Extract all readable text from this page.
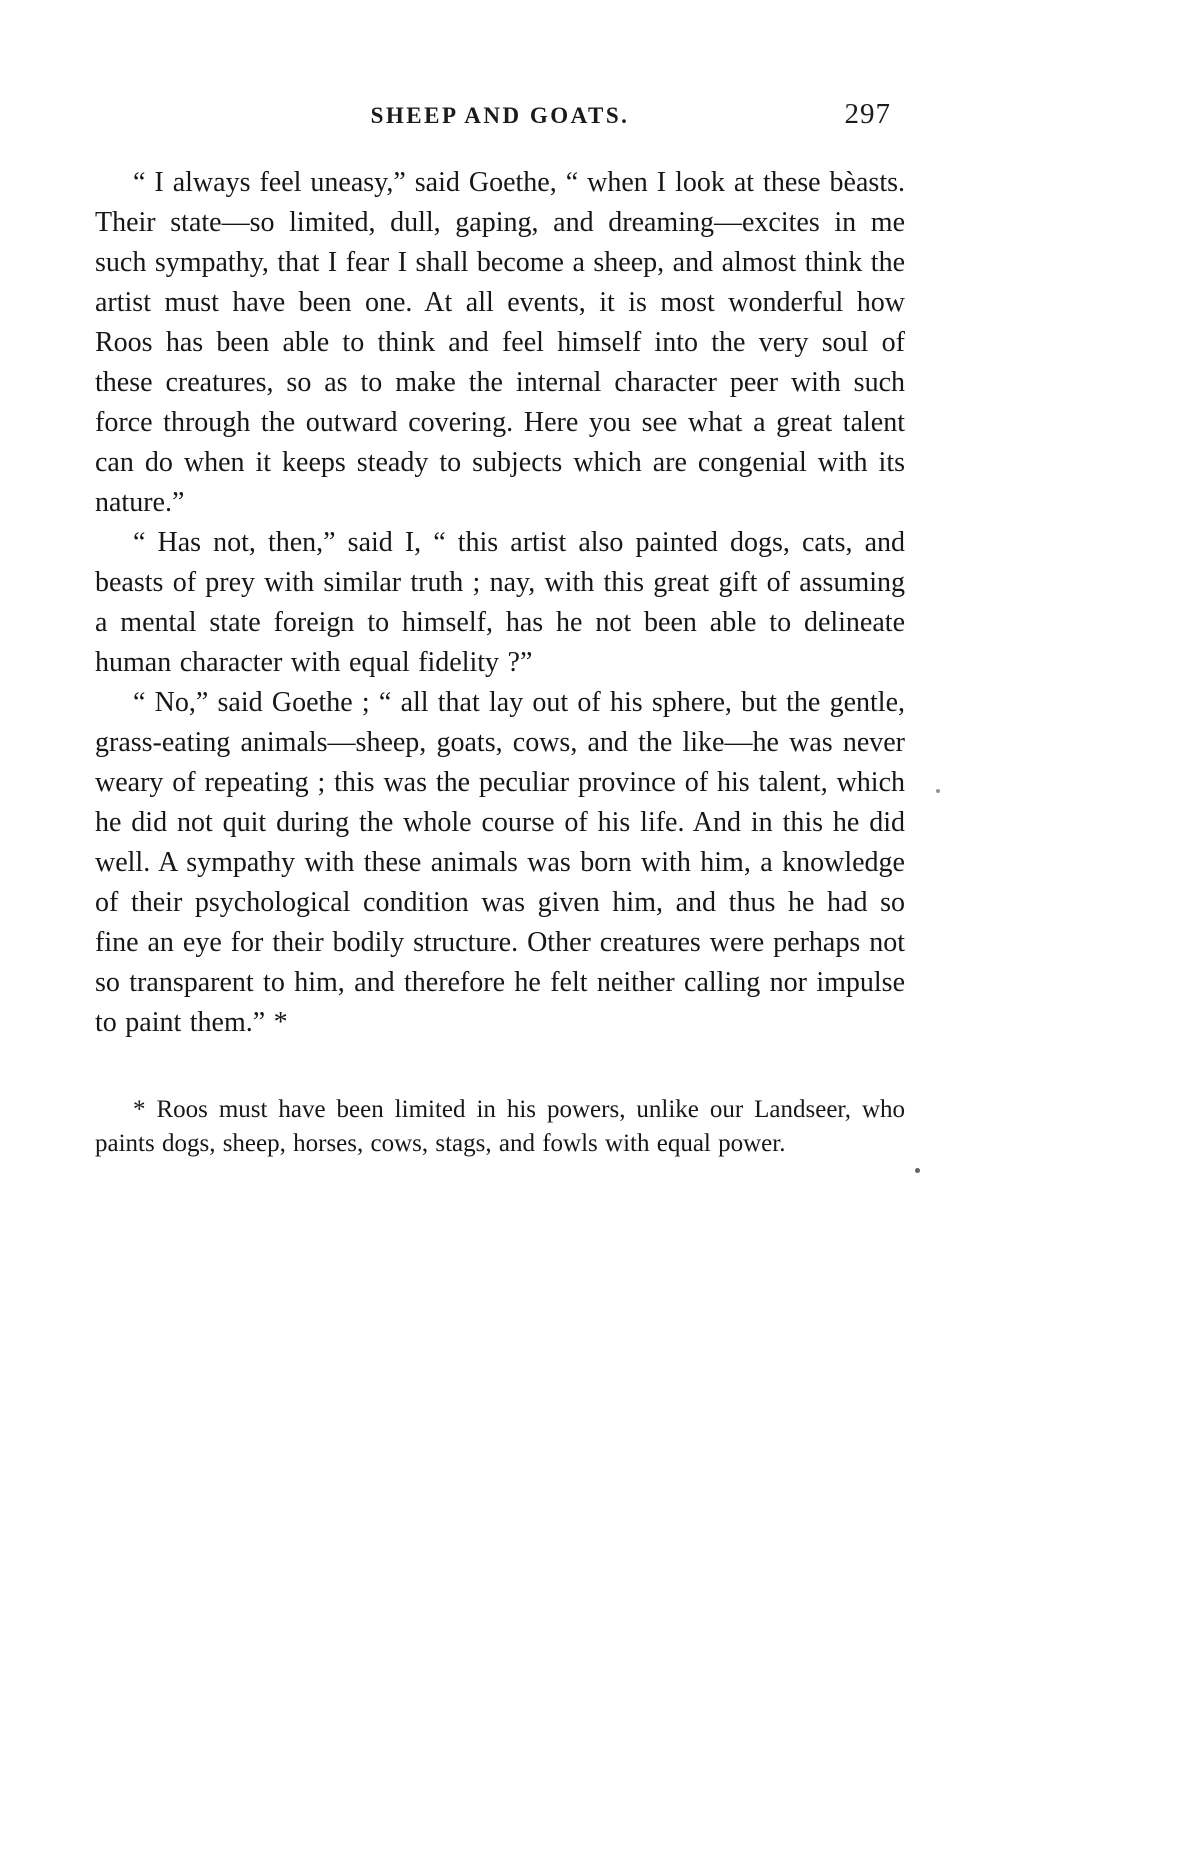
SHEEP AND GOATS.	297

“ I always feel uneasy,” said Goethe, “ when I look at these bèasts. Their state—so limited, dull, gaping, and dreaming—excites in me such sympathy, that I fear I shall become a sheep, and almost think the artist must have been one. At all events, it is most wonderful how Roos has been able to think and feel himself into the very soul of these creatures, so as to make the internal character peer with such force through the outward covering. Here you see what a great talent can do when it keeps steady to subjects which are congenial with its nature.”

“ Has not, then,” said I, “ this artist also painted dogs, cats, and beasts of prey with similar truth ; nay, with this great gift of assuming a mental state foreign to himself, has he not been able to delineate human character with equal fidelity ?”

“ No,” said Goethe ; “ all that lay out of his sphere, but the gentle, grass-eating animals—sheep, goats, cows, and the like—he was never weary of repeating ; this was the peculiar province of his talent, which he did not quit during the whole course of his life. And in this he did well. A sympathy with these animals was born with him, a knowledge of their psychological condition was given him, and thus he had so fine an eye for their bodily structure. Other creatures were perhaps not so transparent to him, and therefore he felt neither calling nor impulse to paint them.” *

* Roos must have been limited in his powers, unlike our Landseer, who paints dogs, sheep, horses, cows, stags, and fowls with equal power.
